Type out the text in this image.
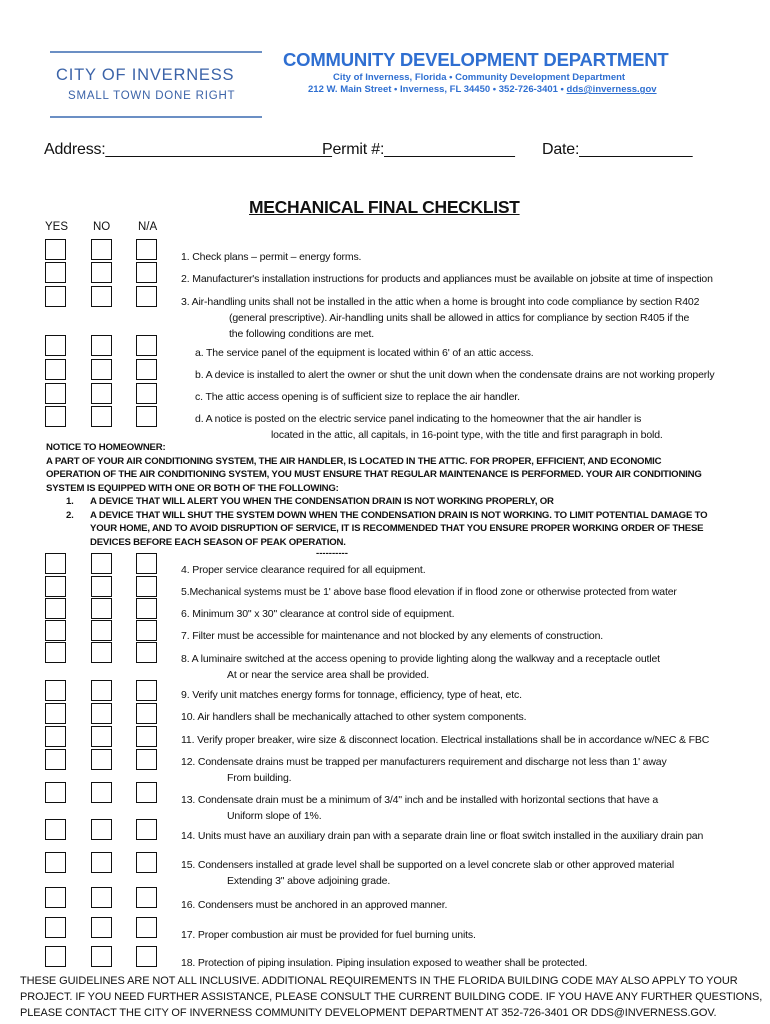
CITY OF INVERNESS
SMALL TOWN DONE RIGHT
COMMUNITY DEVELOPMENT DEPARTMENT
City of Inverness, Florida • Community Development Department
212 W. Main Street • Inverness, FL 34450 • 352-726-3401 • dds@inverness.gov
Address:__________________________
Permit #:_______________ Date:_____________
MECHANICAL FINAL CHECKLIST
YES NO N/A
1. Check plans – permit – energy forms.
2. Manufacturer's installation instructions for products and appliances must be available on jobsite at time of inspection
3. Air-handling units shall not be installed in the attic when a home is brought into code compliance by section R402
(general prescriptive). Air-handling units shall be allowed in attics for compliance by section R405 if the
the following conditions are met.
a. The service panel of the equipment is located within 6' of an attic access.
b. A device is installed to alert the owner or shut the unit down when the condensate drains are not working properly
c. The attic access opening is of sufficient size to replace the air handler.
d. A notice is posted on the electric service panel indicating to the homeowner that the air handler is
located in the attic, all capitals, in 16-point type, with the title and first paragraph in bold.
NOTICE TO HOMEOWNER:
A PART OF YOUR AIR CONDITIONING SYSTEM, THE AIR HANDLER, IS LOCATED IN THE ATTIC. FOR PROPER, EFFICIENT, AND ECONOMIC
OPERATION OF THE AIR CONDITIONING SYSTEM, YOU MUST ENSURE THAT REGULAR MAINTENANCE IS PERFORMED. YOUR AIR CONDITIONING
SYSTEM IS EQUIPPED WITH ONE OR BOTH OF THE FOLLOWING:
1. A DEVICE THAT WILL ALERT YOU WHEN THE CONDENSATION DRAIN IS NOT WORKING PROPERLY, OR
2. A DEVICE THAT WILL SHUT THE SYSTEM DOWN WHEN THE CONDENSATION DRAIN IS NOT WORKING. TO LIMIT POTENTIAL DAMAGE TO
YOUR HOME, AND TO AVOID DISRUPTION OF SERVICE, IT IS RECOMMENDED THAT YOU ENSURE PROPER WORKING ORDER OF THESE
DEVICES BEFORE EACH SEASON OF PEAK OPERATION.
----------
4. Proper service clearance required for all equipment.
5.Mechanical systems must be 1' above base flood elevation if in flood zone or otherwise protected from water
6. Minimum 30" x 30" clearance at control side of equipment.
7. Filter must be accessible for maintenance and not blocked by any elements of construction.
8. A luminaire switched at the access opening to provide lighting along the walkway and a receptacle outlet
At or near the service area shall be provided.
9. Verify unit matches energy forms for tonnage, efficiency, type of heat, etc.
10. Air handlers shall be mechanically attached to other system components.
11. Verify proper breaker, wire size & disconnect location. Electrical installations shall be in accordance w/NEC & FBC
12. Condensate drains must be trapped per manufacturers requirement and discharge not less than 1' away
From building.
13. Condensate drain must be a minimum of 3/4" inch and be installed with horizontal sections that have a
Uniform slope of 1%.
14. Units must have an auxiliary drain pan with a separate drain line or float switch installed in the auxiliary drain pan
15. Condensers installed at grade level shall be supported on a level concrete slab or other approved material
Extending 3" above adjoining grade.
16. Condensers must be anchored in an approved manner.
17. Proper combustion air must be provided for fuel burning units.
18. Protection of piping insulation. Piping insulation exposed to weather shall be protected.
THESE GUIDELINES ARE NOT ALL INCLUSIVE. ADDITIONAL REQUIREMENTS IN THE FLORIDA BUILDING CODE MAY ALSO APPLY TO YOUR
PROJECT. IF YOU NEED FURTHER ASSISTANCE, PLEASE CONSULT THE CURRENT BUILDING CODE. IF YOU HAVE ANY FURTHER QUESTIONS,
PLEASE CONTACT THE CITY OF INVERNESS COMMUNITY DEVELOPMENT DEPARTMENT AT 352-726-3401 OR DDS@INVERNESS.GOV.
